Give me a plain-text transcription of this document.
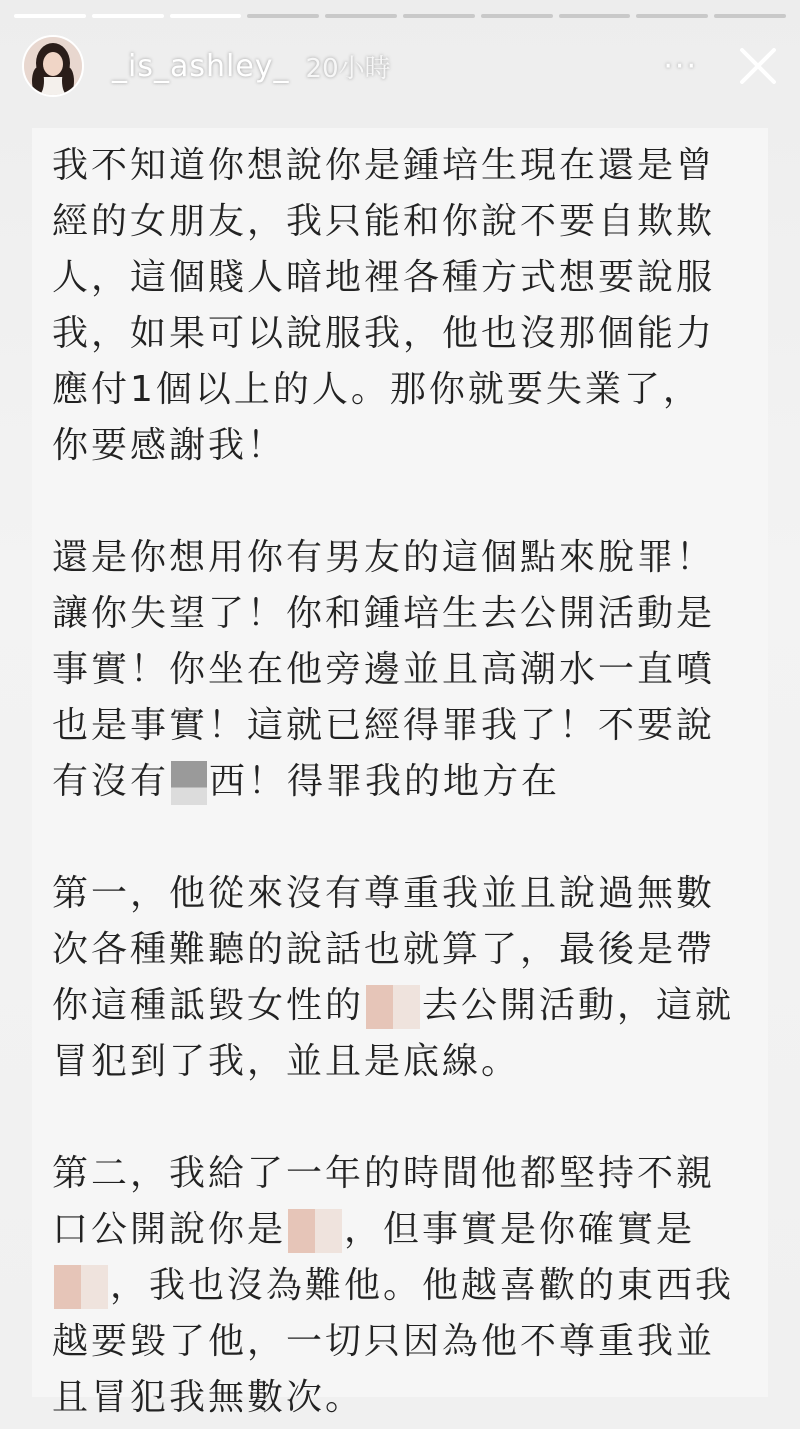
_is_ashley_ 20小時	···
我不知道你想說你是鍾培生現在還是曾
經的女朋友，我只能和你說不要自欺欺
人，這個賤人暗地裡各種方式想要說服
我，如果可以說服我，他也沒那個能力
應付1個以上的人。那你就要失業了，
你要感謝我！
還是你想用你有男友的這個點來脫罪！
讓你失望了！你和鍾培生去公開活動是
事實！你坐在他旁邊並且高潮水一直噴
也是事實！這就已經得罪我了！不要說
有沒有 西！得罪我的地方在
第一，他從來沒有尊重我並且說過無數
次各種難聽的說話也就算了，最後是帶
你這種詆毀女性的 去公開活動，這就
冒犯到了我，並且是底線。
第二，我給了一年的時間他都堅持不親
口公開說你是 ，但事實是你確實是
，我也沒為難他。他越喜歡的東西我
越要毀了他，一切只因為他不尊重我並
且冒犯我無數次。
